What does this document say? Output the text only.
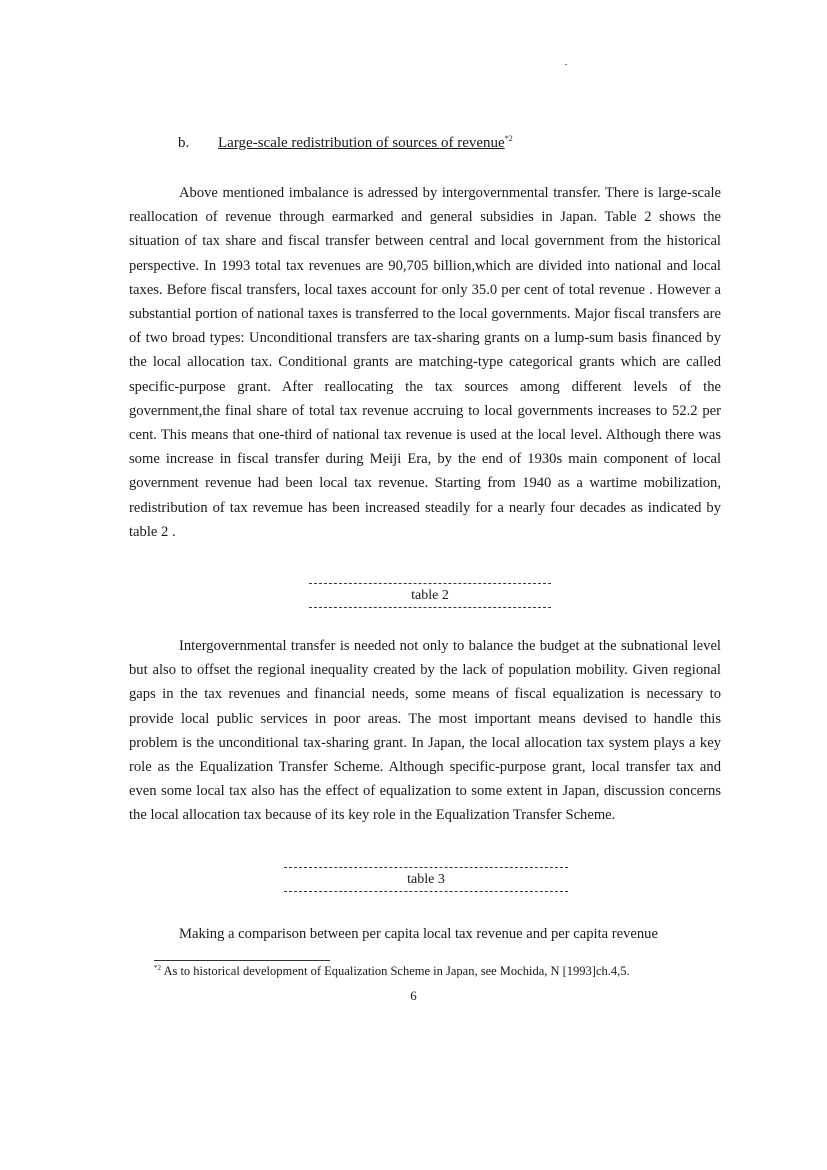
b. Large-scale redistribution of sources of revenue$^{*2}$

Above mentioned imbalance is adressed by intergovernmental transfer. There is large-scale reallocation of revenue through earmarked and general subsidies in Japan. Table 2 shows the situation of tax share and fiscal transfer between central and local government from the historical perspective. In 1993 total tax revenues are 90,705 billion,which are divided into national and local taxes. Before fiscal transfers, local taxes account for only 35.0 per cent of total revenue . However a substantial portion of national taxes is transferred to the local governments. Major fiscal transfers are of two broad types: Unconditional transfers are tax-sharing grants on a lump-sum basis financed by the local allocation tax. Conditional grants are matching-type categorical grants which are called specific-purpose grant. After reallocating the tax sources among different levels of the government,the final share of total tax revenue accruing to local governments increases to 52.2 per cent. This means that one-third of national tax revenue is used at the local level. Although there was some increase in fiscal transfer during Meiji Era, by the end of 1930s main component of local government revenue had been local tax revenue. Starting from 1940 as a wartime mobilization, redistribution of tax revemue has been increased steadily for a nearly four decades as indicated by table 2 .

table 2

Intergovernmental transfer is needed not only to balance the budget at the subnational level but also to offset the regional inequality created by the lack of population mobility. Given regional gaps in the tax revenues and financial needs, some means of fiscal equalization is necessary to provide local public services in poor areas. The most important means devised to handle this problem is the unconditional tax-sharing grant. In Japan, the local allocation tax system plays a key role as the Equalization Transfer Scheme. Although specific-purpose grant, local transfer tax and even some local tax also has the effect of equalization to some extent in Japan, discussion concerns the local allocation tax because of its key role in the Equalization Transfer Scheme.

table 3

Making a comparison between per capita local tax revenue and per capita revenue

$^{*2}$ As to historical development of Equalization Scheme in Japan, see Mochida, N [1993]ch.4,5.
6
